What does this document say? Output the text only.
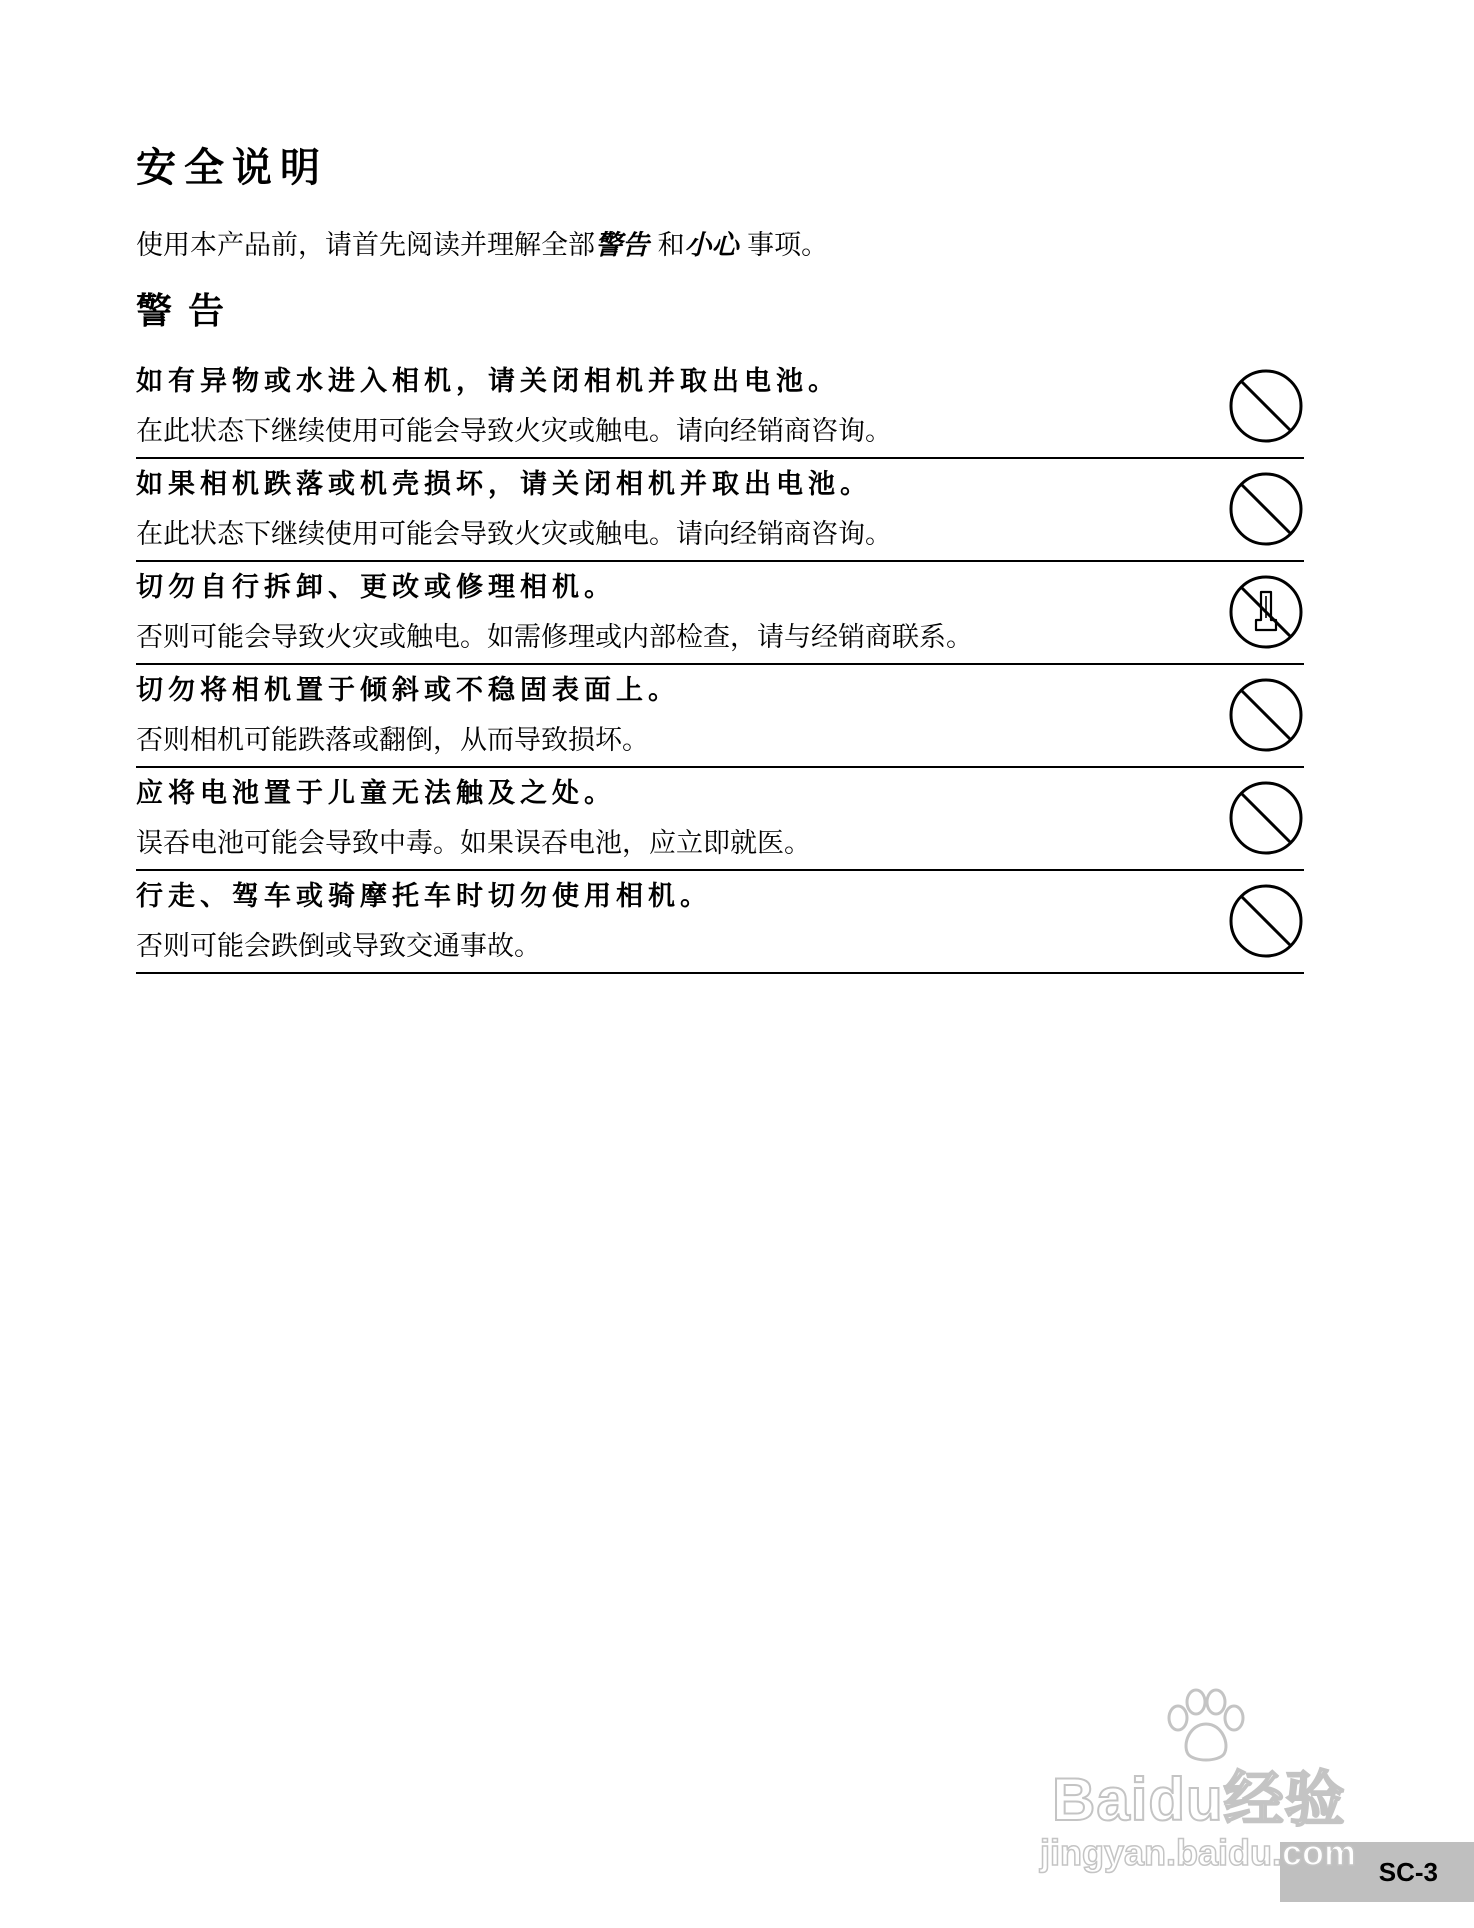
安全说明
使用本产品前，请首先阅读并理解全部警告 和小心 事项。
警告
如有异物或水进入相机，请关闭相机并取出电池。
在此状态下继续使用可能会导致火灾或触电。请向经销商咨询。
如果相机跌落或机壳损坏，请关闭相机并取出电池。
在此状态下继续使用可能会导致火灾或触电。请向经销商咨询。
切勿自行拆卸、更改或修理相机。
否则可能会导致火灾或触电。如需修理或内部检查，请与经销商联系。
切勿将相机置于倾斜或不稳固表面上。
否则相机可能跌落或翻倒，从而导致损坏。
应将电池置于儿童无法触及之处。
误吞电池可能会导致中毒。如果误吞电池，应立即就医。
行走、驾车或骑摩托车时切勿使用相机。
否则可能会跌倒或导致交通事故。
SC-3
Baidu经验
jingyan.baidu.com
